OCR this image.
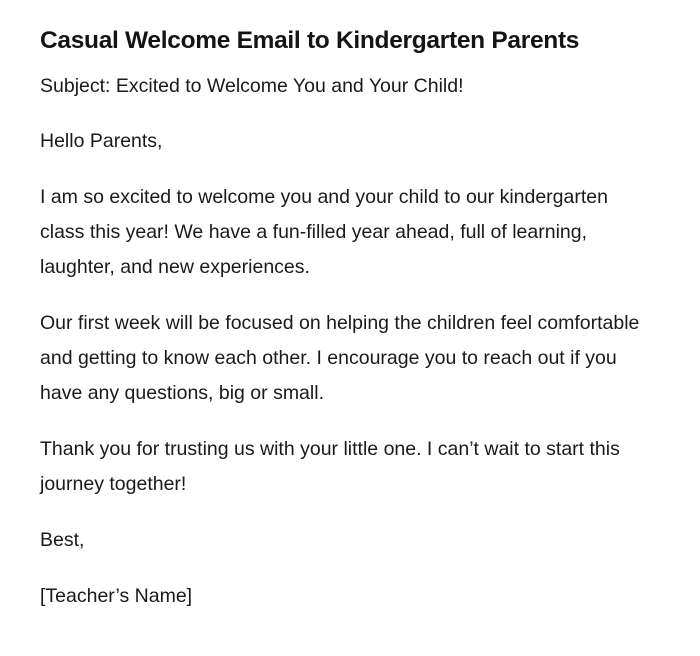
Casual Welcome Email to Kindergarten Parents

Subject: Excited to Welcome You and Your Child!

Hello Parents,

I am so excited to welcome you and your child to our kindergarten class this year! We have a fun-filled year ahead, full of learning, laughter, and new experiences.

Our first week will be focused on helping the children feel comfortable and getting to know each other. I encourage you to reach out if you have any questions, big or small.

Thank you for trusting us with your little one. I can’t wait to start this journey together!

Best,

[Teacher’s Name]
